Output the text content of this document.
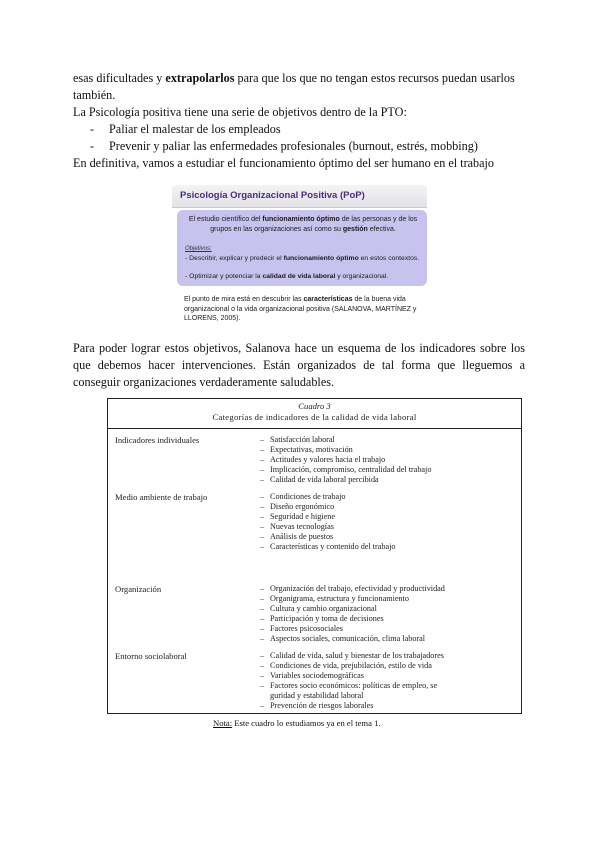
esas dificultades y extrapolarlos para que los que no tengan estos recursos puedan usarlos también.

La Psicología positiva tiene una serie de objetivos dentro de la PTO:

- Paliar el malestar de los empleados
- Prevenir y paliar las enfermedades profesionales (burnout, estrés, mobbing)

En definitiva, vamos a estudiar el funcionamiento óptimo del ser humano en el trabajo

Psicología Organizacional Positiva (PoP)
El estudio científico del funcionamiento óptimo de las personas y de los grupos en las organizaciones así como su gestión efectiva.
Objetivos:
- Describir, explicar y predecir el funcionamiento óptimo en estos contextos.
- Optimizar y potenciar la calidad de vida laboral y organizacional.
El punto de mira está en descubrir las características de la buena vida organizacional o la vida organizacional positiva (SALANOVA, MARTÍNEZ y LLORENS, 2005).

Para poder lograr estos objetivos, Salanova hace un esquema de los indicadores sobre los que debemos hacer intervenciones. Están organizados de tal forma que lleguemos a conseguir organizaciones verdaderamente saludables.

Cuadro 3
Categorías de indicadores de la calidad de vida laboral
Indicadores individuales	– Satisfacción laboral
– Expectativas, motivación
– Actitudes y valores hacia el trabajo
– Implicación, compromiso, centralidad del trabajo
– Calidad de vida laboral percibida
Medio ambiente de trabajo	– Condiciones de trabajo
– Diseño ergonómico
– Seguridad e higiene
– Nuevas tecnologías
– Análisis de puestos
– Características y contenido del trabajo
Organización	– Organización del trabajo, efectividad y productividad
– Organigrama, estructura y funcionamiento
– Cultura y cambio organizacional
– Participación y toma de decisiones
– Factores psicosociales
– Aspectos sociales, comunicación, clima laboral
Entorno sociolaboral	– Calidad de vida, salud y bienestar de los trabajadores
– Condiciones de vida, prejubilación, estilo de vida
– Variables sociodemográficas
– Factores socio económicos: políticas de empleo, se
guridad y estabilidad laboral
– Prevención de riesgos laborales
Nota: Este cuadro lo estudiamos ya en el tema 1.
